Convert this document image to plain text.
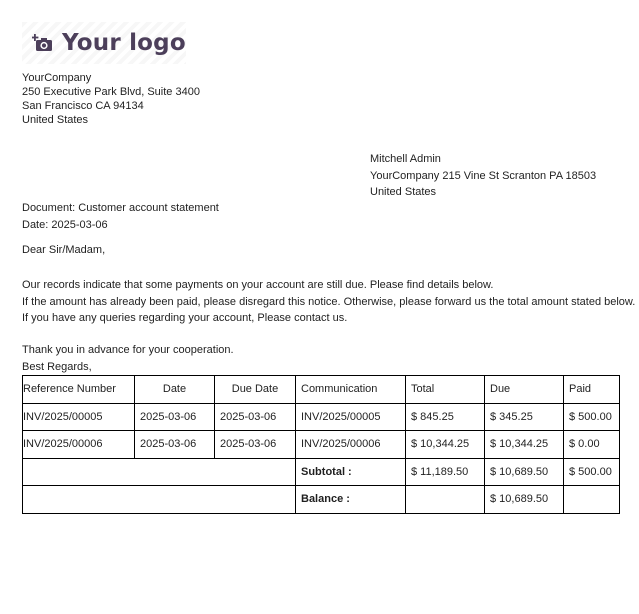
Your logo
YourCompany
250 Executive Park Blvd, Suite 3400
San Francisco CA 94134
United States
Mitchell Admin
YourCompany 215 Vine St Scranton PA 18503
United States
Document: Customer account statement
Date: 2025-03-06
Dear Sir/Madam,
Our records indicate that some payments on your account are still due. Please find details below.
If the amount has already been paid, please disregard this notice. Otherwise, please forward us the total amount stated below.
If you have any queries regarding your account, Please contact us.
Thank you in advance for your cooperation.
Best Regards,
Reference Number	Date	Due Date	Communication	Total	Due	Paid
INV/2025/00005	2025-03-06	2025-03-06	INV/2025/00005	$ 845.25	$ 345.25	$ 500.00
INV/2025/00006	2025-03-06	2025-03-06	INV/2025/00006	$ 10,344.25	$ 10,344.25	$ 0.00
			Subtotal :	$ 11,189.50	$ 10,689.50	$ 500.00
			Balance :		$ 10,689.50	
